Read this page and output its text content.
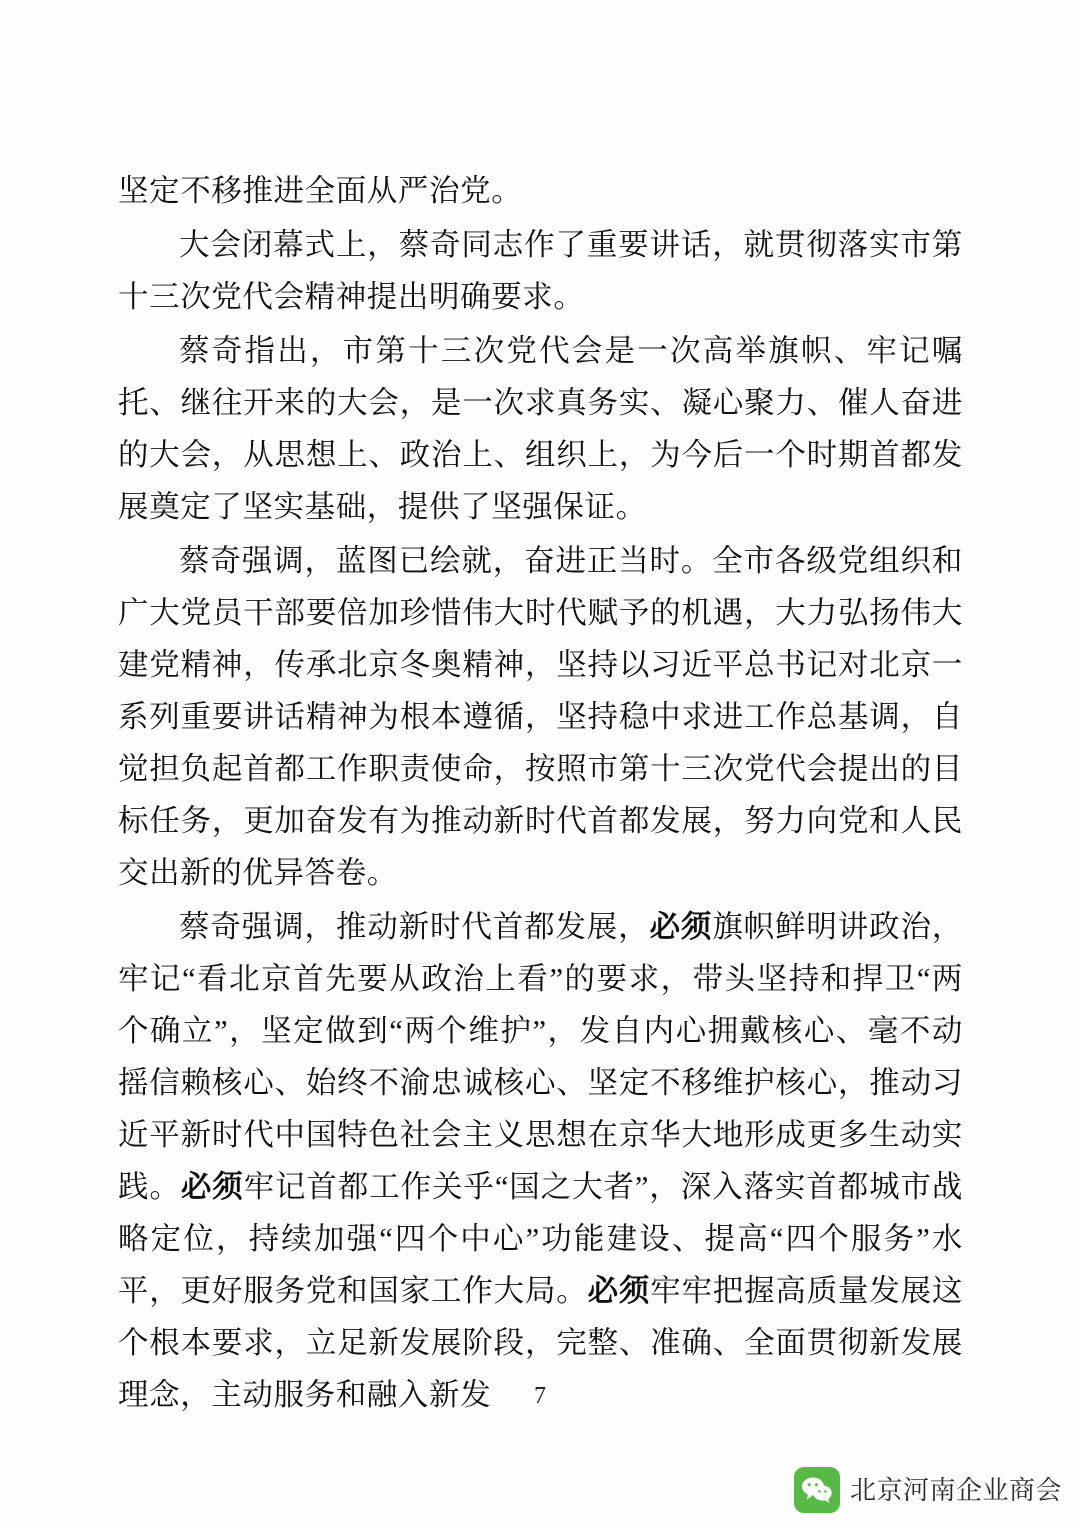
坚定不移推进全面从严治党。

大会闭幕式上，蔡奇同志作了重要讲话，就贯彻落实市第十三次党代会精神提出明确要求。

蔡奇指出，市第十三次党代会是一次高举旗帜、牢记嘱托、继往开来的大会，是一次求真务实、凝心聚力、催人奋进的大会，从思想上、政治上、组织上，为今后一个时期首都发展奠定了坚实基础，提供了坚强保证。

蔡奇强调，蓝图已绘就，奋进正当时。全市各级党组织和广大党员干部要倍加珍惜伟大时代赋予的机遇，大力弘扬伟大建党精神，传承北京冬奥精神，坚持以习近平总书记对北京一系列重要讲话精神为根本遵循，坚持稳中求进工作总基调，自觉担负起首都工作职责使命，按照市第十三次党代会提出的目标任务，更加奋发有为推动新时代首都发展，努力向党和人民交出新的优异答卷。

蔡奇强调，推动新时代首都发展，必须旗帜鲜明讲政治，牢记“看北京首先要从政治上看”的要求，带头坚持和捍卫“两个确立”，坚定做到“两个维护”，发自内心拥戴核心、毫不动摇信赖核心、始终不渝忠诚核心、坚定不移维护核心，推动习近平新时代中国特色社会主义思想在京华大地形成更多生动实践。必须牢记首都工作关乎“国之大者”，深入落实首都城市战略定位，持续加强“四个中心”功能建设、提高“四个服务”水平，更好服务党和国家工作大局。必须牢牢把握高质量发展这个根本要求，立足新发展阶段，完整、准确、全面贯彻新发展理念，主动服务和融入新发	7
北京河南企业商会
